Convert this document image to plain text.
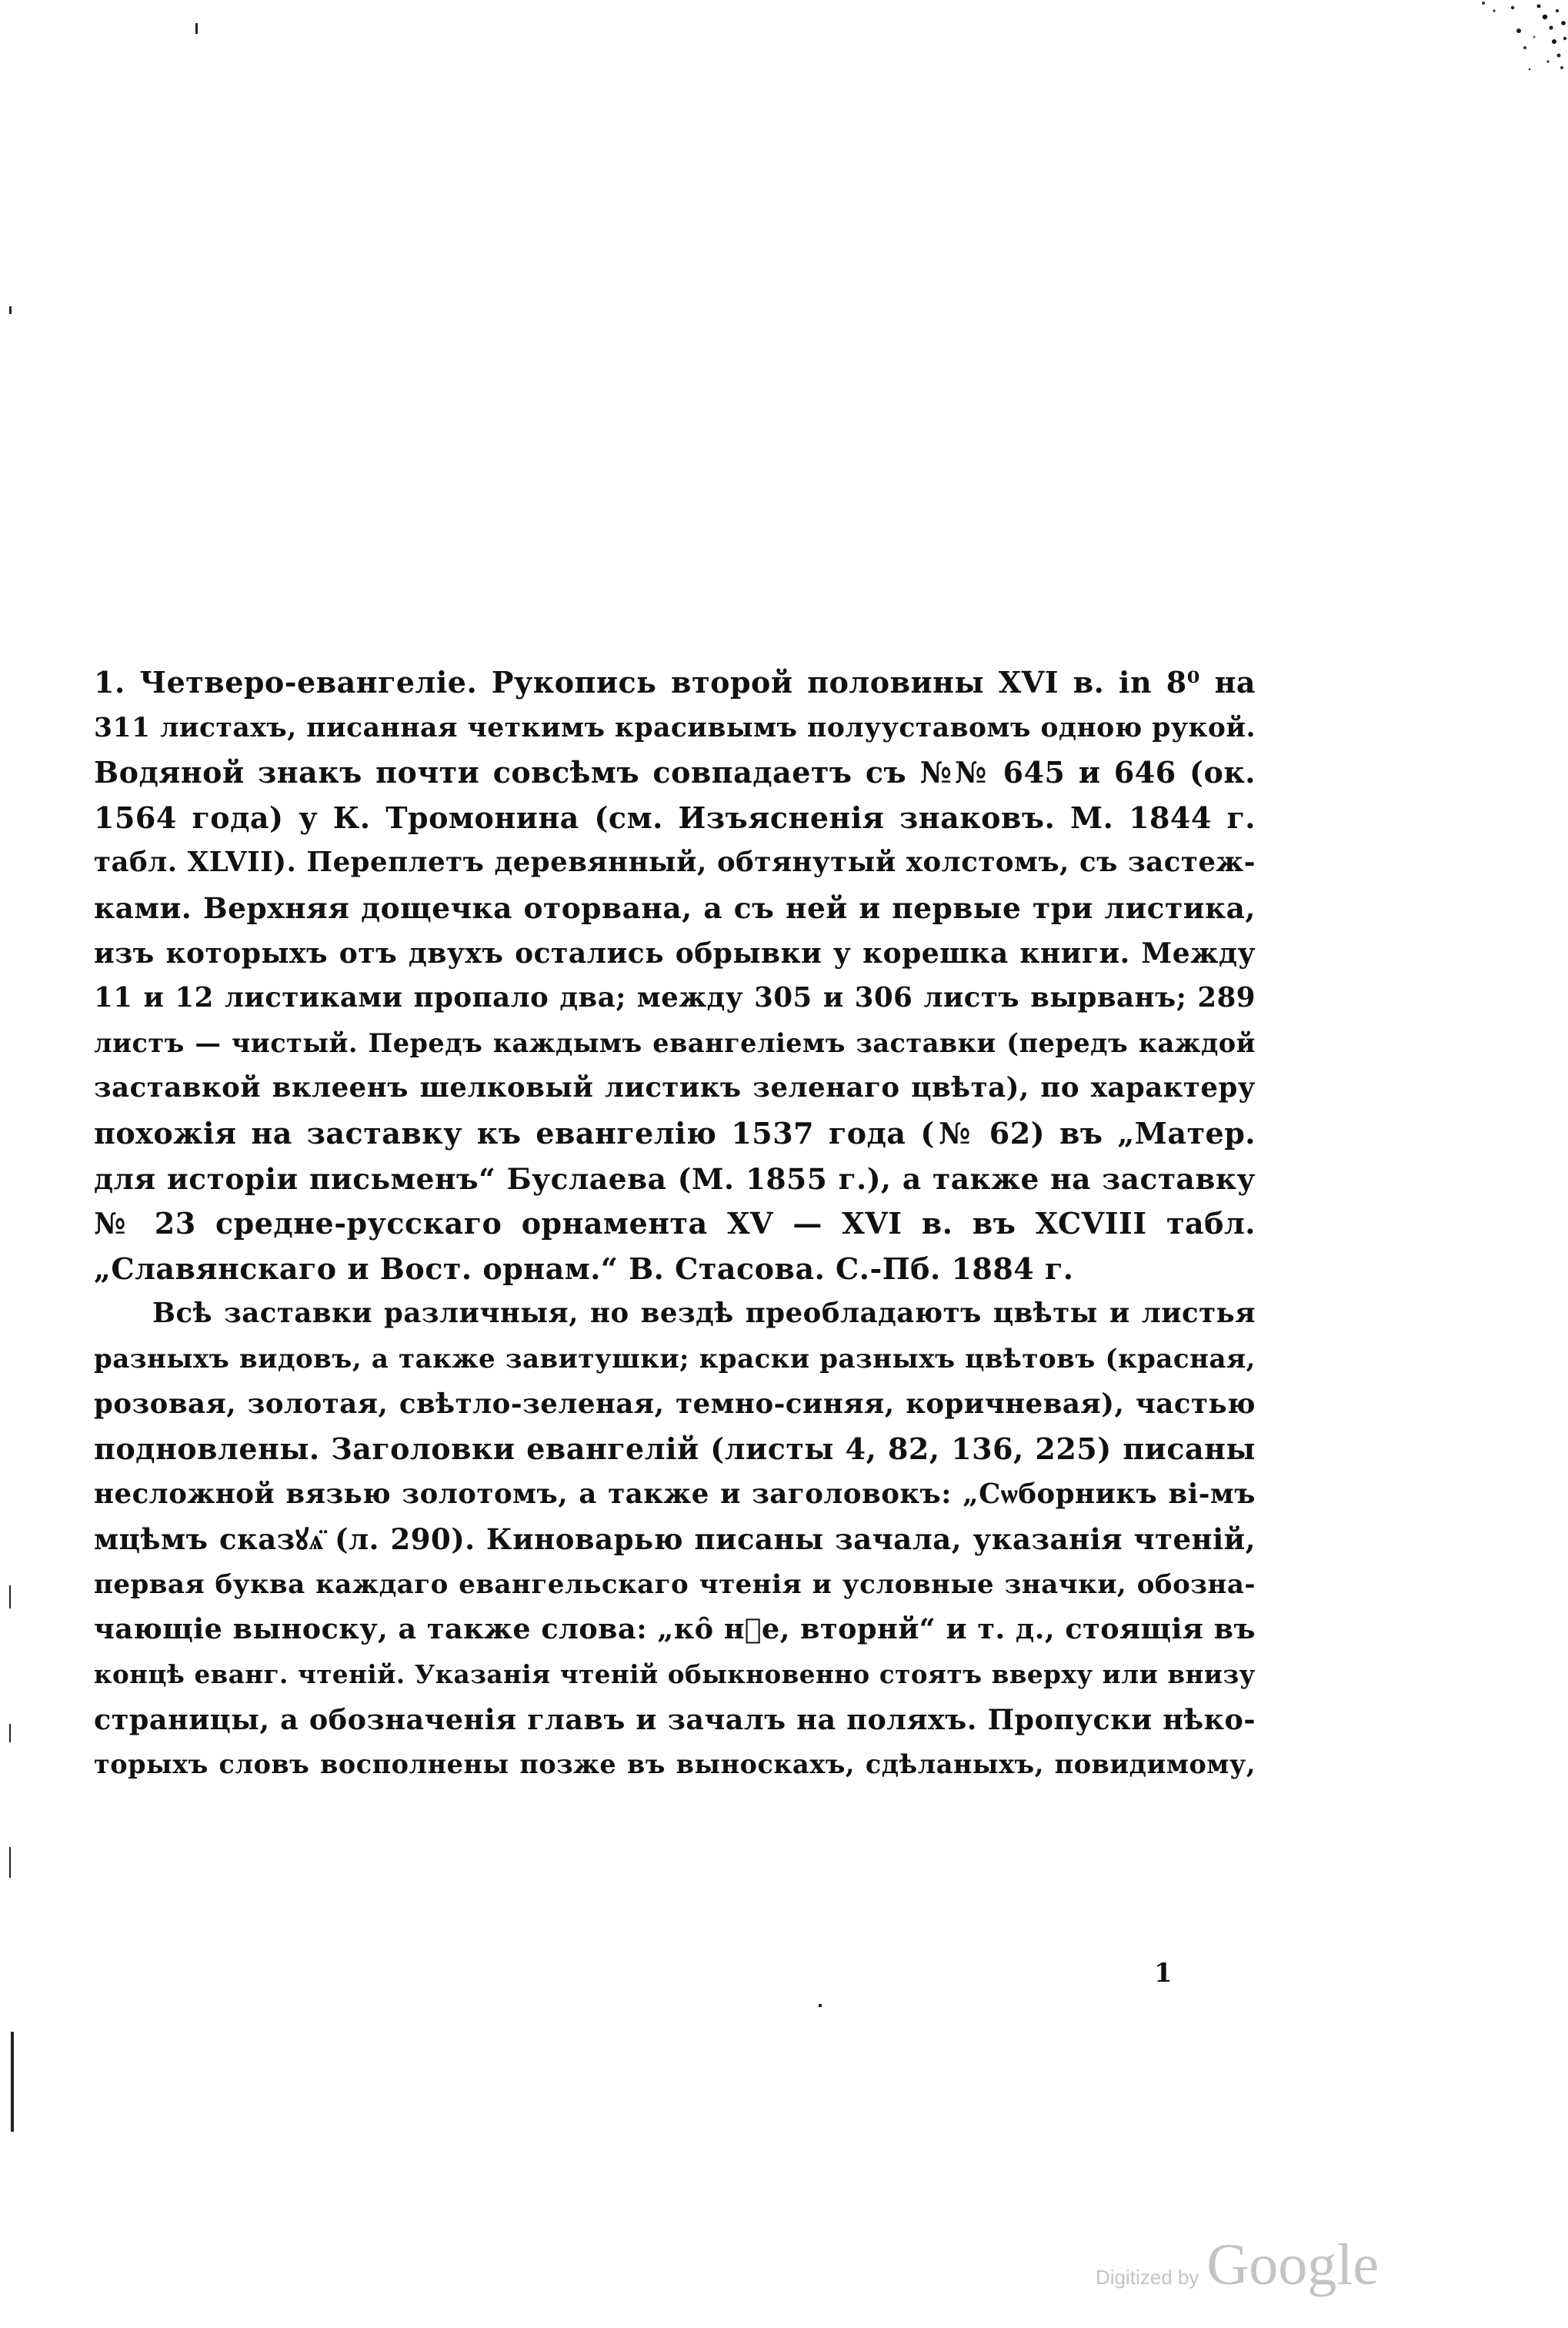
1. Четверо-евангеліе. Рукопись второй половины XVI в. in 8⁰ на
311 листахъ, писанная четкимъ красивымъ полууставомъ одною рукой.
Водяной знакъ почти совсѣмъ совпадаетъ съ №№ 645 и 646 (ок.
1564 года) у К. Тромонина (см. Изъясненія знаковъ. М. 1844 г.
табл. XLVII). Переплетъ деревянный, обтянутый холстомъ, съ застеж-
ками. Верхняя дощечка оторвана, а съ ней и первые три листика,
изъ которыхъ отъ двухъ остались обрывки у корешка книги. Между
11 и 12 листиками пропало два; между 305 и 306 листъ вырванъ; 289
листъ — чистый. Передъ каждымъ евангеліемъ заставки (передъ каждой
заставкой вклеенъ шелковый листикъ зеленаго цвѣта), по характеру
похожія на заставку къ евангелію 1537 года (№ 62) въ „Матер.
для исторіи письменъ“ Буслаева (М. 1855 г.), а также на заставку
№ 23 средне-русскаго орнамента XV — XVI в. въ XCVIII табл.
„Славянскаго и Вост. орнам.“ В. Стасова. С.-Пб. 1884 г.
Всѣ заставки различныя, но вездѣ преобладаютъ цвѣты и листья
разныхъ видовъ, а также завитушки; краски разныхъ цвѣтовъ (красная,
розовая, золотая, свѣтло-зеленая, темно-синяя, коричневая), частью
подновлены. Заголовки евангелій (листы 4, 82, 136, 225) писаны
несложной вязью золотомъ, а также и заголовокъ: „Сѡборникъ ві-мъ
мцѣмъ сказꙋѧ̈ (л. 290). Киноварью писаны зачала, указанія чтеній,
первая буква каждаго евангельскаго чтенія и условные значки, обозна-
чающіе выноску, а также слова: „ко̑ нⷮе, вторнй“ и т. д., стоящія въ
концѣ еванг. чтеній. Указанія чтеній обыкновенно стоятъ вверху или внизу
страницы, а обозначенія главъ и зачалъ на поляхъ. Пропуски нѣко-
торыхъ словъ восполнены позже въ выноскахъ, сдѣланыхъ, повидимому,
1
Digitized by Google
